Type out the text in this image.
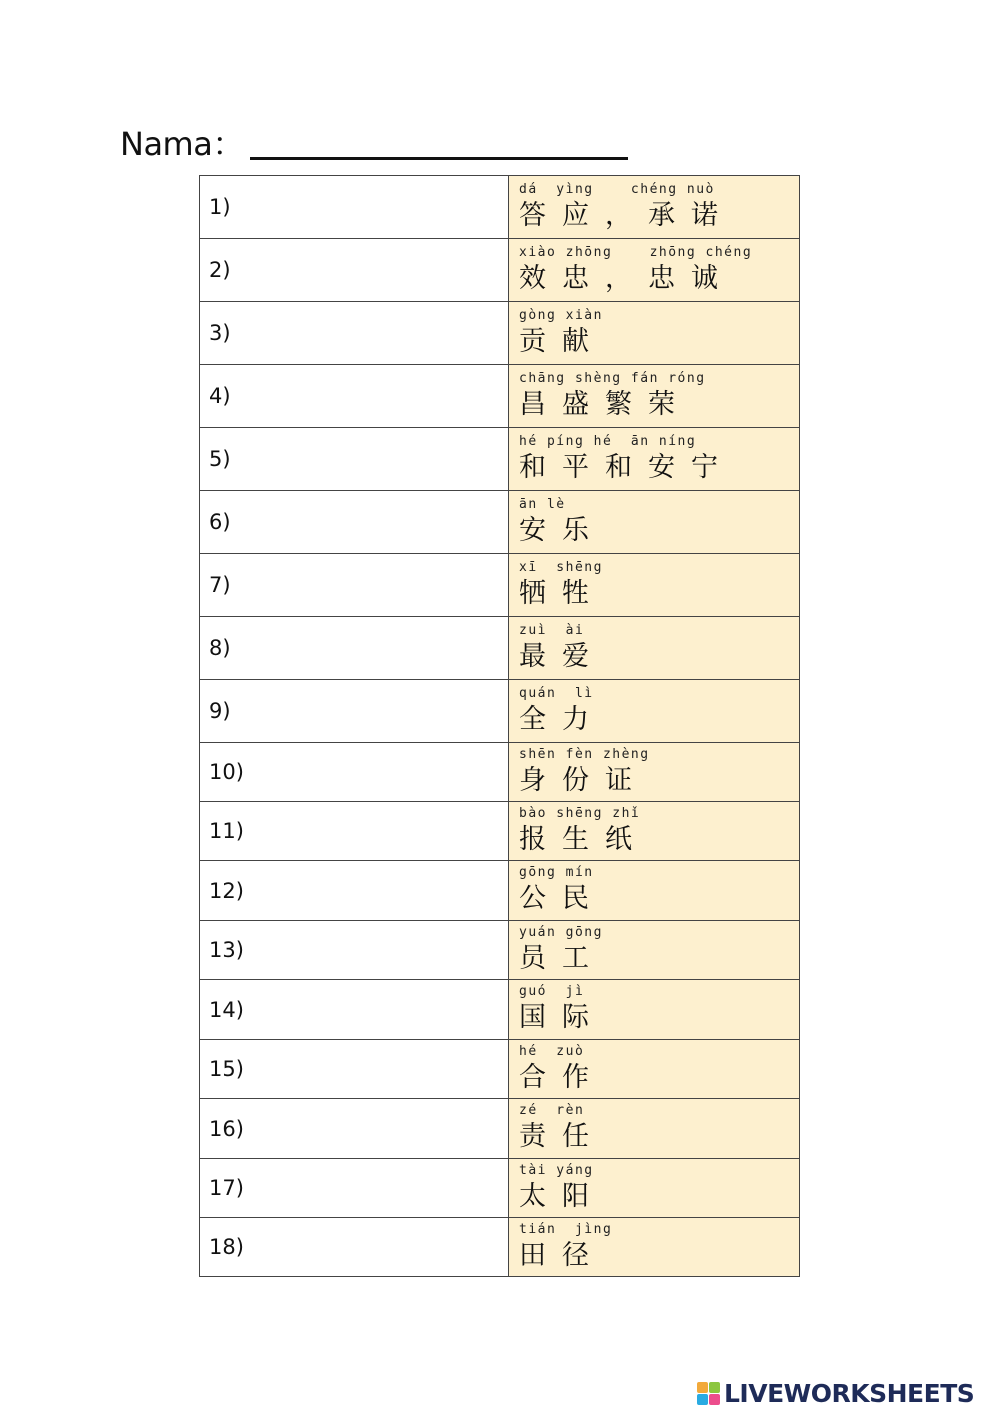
Nama：
1)	dá  yìng    chéng nuò
答应，承诺

2)	xiào zhōng    zhōng chéng
效忠，忠诚

3)	gòng xiàn
贡献

4)	chāng shèng fán róng
昌盛繁荣

5)	hé píng hé  ān níng
和平和安宁

6)	ān lè
安乐

7)	xī  shēng
牺牲

8)	zuì  ài
最爱

9)	quán  lì
全力

10)	shēn fèn zhèng
身份证

11)	bào shēng zhǐ
报生纸

12)	gōng mín
公民

13)	yuán gōng
员工

14)	guó  jì
国际

15)	hé  zuò
合作

16)	zé  rèn
责任

17)	tài yáng
太阳

18)	tián  jìng
田径
LIVEWORKSHEETS
